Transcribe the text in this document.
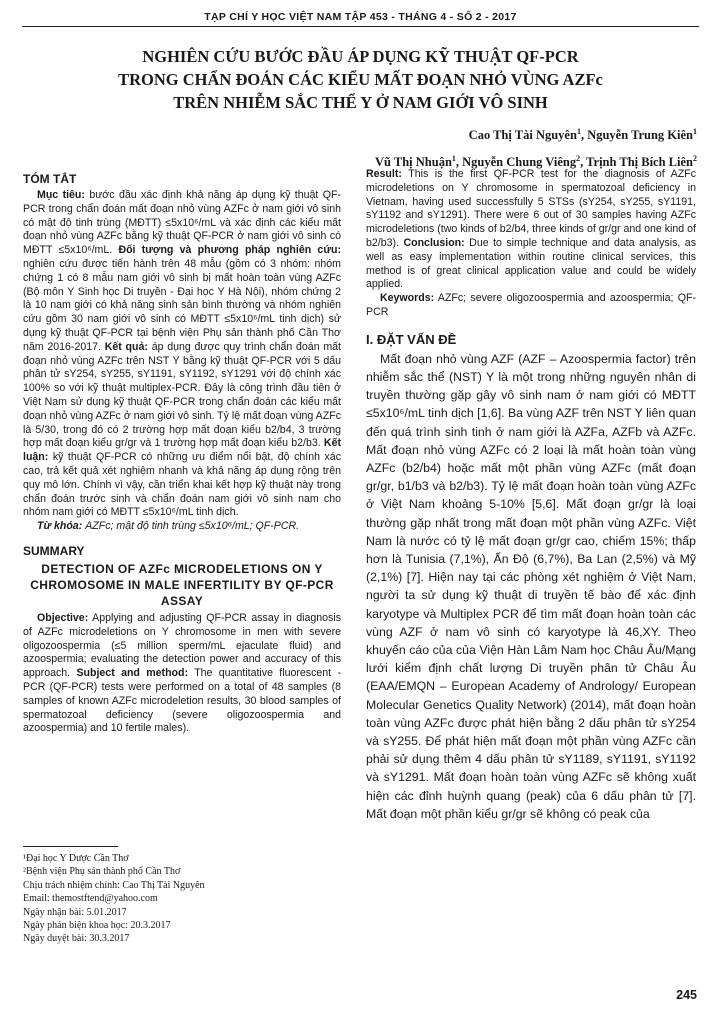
TẠP CHÍ Y HỌC VIỆT NAM TẬP 453 - THÁNG 4 - SỐ 2 - 2017
NGHIÊN CỨU BƯỚC ĐẦU ÁP DỤNG KỸ THUẬT QF-PCR
TRONG CHẨN ĐOÁN CÁC KIỂU MẤT ĐOẠN NHỎ VÙNG AZFc
TRÊN NHIỄM SẮC THỂ Y Ở NAM GIỚI VÔ SINH
Cao Thị Tài Nguyên$^1$, Nguyễn Trung Kiên$^1$
Vũ Thị Nhuận$^1$, Nguyễn Chung Viêng$^2$, Trịnh Thị Bích Liên$^2$
TÓM TẮT

Mục tiêu: bước đầu xác định khả năng áp dụng kỹ thuật QF-PCR trong chẩn đoán mất đoạn nhỏ vùng AZFc ở nam giới vô sinh có mật độ tinh trùng (MĐTT) ≤5x10⁶/mL và xác định các kiểu mất đoạn nhỏ vùng AZFc bằng kỹ thuật QF-PCR ở nam giới vô sinh có MĐTT ≤5x10⁶/mL. Đối tượng và phương pháp nghiên cứu: nghiên cứu được tiến hành trên 48 mẫu (gồm có 3 nhóm: nhóm chứng 1 có 8 mẫu nam giới vô sinh bị mất hoàn toàn vùng AZFc (Bộ môn Y Sinh học Di truyền - Đại học Y Hà Nội), nhóm chứng 2 là 10 nam giới có khả năng sinh sản bình thường và nhóm nghiên cứu gồm 30 nam giới vô sinh có MĐTT ≤5x10⁶/mL tinh dịch) sử dụng kỹ thuật QF-PCR tại bệnh viện Phụ sản thành phố Cần Thơ năm 2016-2017. Kết quả: áp dụng được quy trình chẩn đoán mất đoạn nhỏ vùng AZFc trên NST Y bằng kỹ thuật QF-PCR với 5 dấu phân tử sY254, sY255, sY1191, sY1192, sY1291 với độ chính xác 100% so với kỹ thuật multiplex-PCR. Đây là công trình đầu tiên ở Việt Nam sử dụng kỹ thuật QF-PCR trong chẩn đoán các kiểu mất đoạn nhỏ vùng AZFc ở nam giới vô sinh. Tỷ lệ mất đoạn vùng AZFc là 5/30, trong đó có 2 trường hợp mất đoạn kiểu b2/b4, 3 trường hợp mất đoạn kiểu gr/gr và 1 trường hợp mất đoạn kiểu b2/b3. Kết luận: kỹ thuật QF-PCR có những ưu điểm nổi bật, độ chính xác cao, trả kết quả xét nghiệm nhanh và khả năng áp dụng rộng trên quy mô lớn. Chính vì vậy, cần triển khai kết hợp kỹ thuật này trong chẩn đoán trước sinh và chẩn đoán nam giới vô sinh nam cho nhóm nam giới có MĐTT ≤5x10⁶/mL tinh dịch.

Từ khóa: AZFc; mật độ tinh trùng ≤5x10⁶/mL; QF-PCR.

SUMMARY
DETECTION OF AZFc MICRODELETIONS ON Y CHROMOSOME IN MALE INFERTILITY BY QF-PCR ASSAY

Objective: Applying and adjusting QF-PCR assay in diagnosis of AZFc microdeletions on Y chromosome in men with severe oligozoospermia (≤5 million sperm/mL ejaculate fluid) and azoospermia; evaluating the detection power and accuracy of this approach. Subject and method: The quantitative fluorescent - PCR (QF-PCR) tests were performed on a total of 48 samples (8 samples of known AZFc microdeletion results, 30 blood samples of spermatozoal deficiency (severe oligozoospermia and azoospermia) and 10 fertile males).

¹Đại học Y Dược Cần Thơ
²Bệnh viện Phụ sản thành phố Cần Thơ
Chịu trách nhiệm chính: Cao Thị Tài Nguyên
Email: themostftend@yahoo.com
Ngày nhận bài: 5.01.2017
Ngày phản biện khoa học: 20.3.2017
Ngày duyệt bài: 30.3.2017

Result: This is the first QF-PCR test for the diagnosis of AZFc microdeletions on Y chromosome in spermatozoal deficiency in Vietnam, having used successfully 5 STSs (sY254, sY255, sY1191, sY1192 and sY1291). There were 6 out of 30 samples having AZFc microdeletions (two kinds of b2/b4, three kinds of gr/gr and one kind of b2/b3). Conclusion: Due to simple technique and data analysis, as well as easy implementation within routine clinical services, this method is of great clinical application value and could be widely applied.

Keywords: AZFc; severe oligozoospermia and azoospermia; QF-PCR

I. ĐẶT VẤN ĐỀ

Mất đoạn nhỏ vùng AZF (AZF – Azoospermia factor) trên nhiễm sắc thể (NST) Y là một trong những nguyên nhân di truyền thường gặp gây vô sinh nam ở nam giới có MĐTT ≤5x10⁶/mL tinh dịch [1,6]. Ba vùng AZF trên NST Y liên quan đến quá trình sinh tinh ở nam giới là AZFa, AZFb và AZFc. Mất đoạn nhỏ vùng AZFc có 2 loại là mất hoàn toàn vùng AZFc (b2/b4) hoặc mất một phần vùng AZFc (mất đoạn gr/gr, b1/b3 và b2/b3). Tỷ lệ mất đoạn hoàn toàn vùng AZFc ở Việt Nam khoảng 5-10% [5,6]. Mất đoạn gr/gr là loại thường gặp nhất trong mất đoạn một phần vùng AZFc. Việt Nam là nước có tỷ lệ mất đoạn gr/gr cao, chiếm 15%; thấp hơn là Tunisia (7,1%), Ấn Độ (6,7%), Ba Lan (2,5%) và Mỹ (2,1%) [7]. Hiện nay tại các phòng xét nghiệm ở Việt Nam, người ta sử dụng kỹ thuật di truyền tế bào để xác định karyotype và Multiplex PCR để tìm mất đoạn hoàn toàn các vùng AZF ở nam vô sinh có karyotype là 46,XY. Theo khuyến cáo của của Viện Hàn Lâm Nam học Châu Âu/Mạng lưới kiểm định chất lượng Di truyền phân tử Châu Âu (EAA/EMQN – European Academy of Andrology/ European Molecular Genetics Quality Network) (2014), mất đoạn hoàn toàn vùng AZFc được phát hiện bằng 2 dấu phân tử sY254 và sY255. Để phát hiện mất đoạn một phần vùng AZFc cần phải sử dụng thêm 4 dấu phân tử sY1189, sY1191, sY1192 và sY1291. Mất đoạn hoàn toàn vùng AZFc sẽ không xuất hiện các đỉnh huỳnh quang (peak) của 6 dấu phân tử [7]. Mất đoạn một phần kiểu gr/gr sẽ không có peak của

245
